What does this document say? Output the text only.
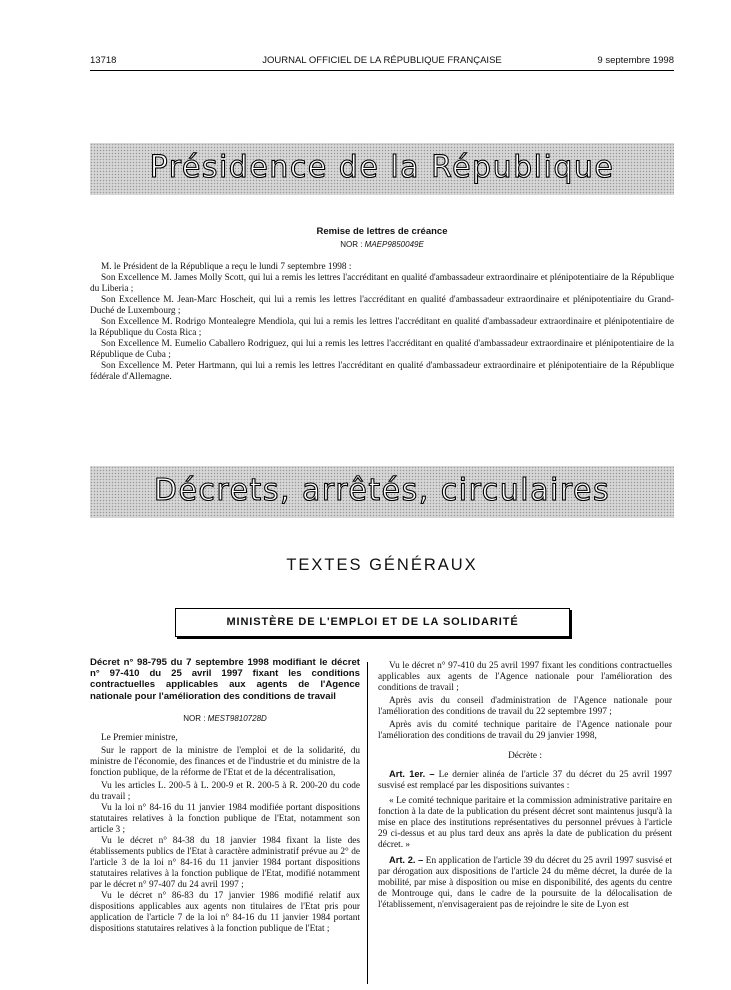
13718	JOURNAL OFFICIEL DE LA RÉPUBLIQUE FRANÇAISE	9 septembre 1998
Présidence de la République
Remise de lettres de créance
NOR : MAEP9850049E
M. le Président de la République a reçu le lundi 7 septembre 1998 :
Son Excellence M. James Molly Scott, qui lui a remis les lettres l'accréditant en qualité d'ambassadeur extraordinaire et plénipotentiaire de la République du Liberia ;
Son Excellence M. Jean-Marc Hoscheit, qui lui a remis les lettres l'accréditant en qualité d'ambassadeur extraordinaire et plénipotentiaire du Grand-Duché de Luxembourg ;
Son Excellence M. Rodrigo Montealegre Mendiola, qui lui a remis les lettres l'accréditant en qualité d'ambassadeur extraordinaire et plénipotentiaire de la République du Costa Rica ;
Son Excellence M. Eumelio Caballero Rodriguez, qui lui a remis les lettres l'accréditant en qualité d'ambassadeur extraordinaire et plénipotentiaire de la République de Cuba ;
Son Excellence M. Peter Hartmann, qui lui a remis les lettres l'accréditant en qualité d'ambassadeur extraordinaire et plénipotentiaire de la République fédérale d'Allemagne.
Décrets, arrêtés, circulaires
TEXTES GÉNÉRAUX
MINISTÈRE DE L'EMPLOI ET DE LA SOLIDARITÉ
Décret n° 98-795 du 7 septembre 1998 modifiant le décret n° 97-410 du 25 avril 1997 fixant les conditions contractuelles applicables aux agents de l'Agence nationale pour l'amélioration des conditions de travail
NOR : MEST9810728D
Le Premier ministre,
Sur le rapport de la ministre de l'emploi et de la solidarité, du ministre de l'économie, des finances et de l'industrie et du ministre de la fonction publique, de la réforme de l'Etat et de la décentralisation,
Vu les articles L. 200-5 à L. 200-9 et R. 200-5 à R. 200-20 du code du travail ;
Vu la loi n° 84-16 du 11 janvier 1984 modifiée portant dispositions statutaires relatives à la fonction publique de l'Etat, notamment son article 3 ;
Vu le décret n° 84-38 du 18 janvier 1984 fixant la liste des établissements publics de l'Etat à caractère administratif prévue au 2° de l'article 3 de la loi n° 84-16 du 11 janvier 1984 portant dispositions statutaires relatives à la fonction publique de l'Etat, modifié notamment par le décret n° 97-407 du 24 avril 1997 ;
Vu le décret n° 86-83 du 17 janvier 1986 modifié relatif aux dispositions applicables aux agents non titulaires de l'Etat pris pour application de l'article 7 de la loi n° 84-16 du 11 janvier 1984 portant dispositions statutaires relatives à la fonction publique de l'Etat ;
Vu le décret n° 97-410 du 25 avril 1997 fixant les conditions contractuelles applicables aux agents de l'Agence nationale pour l'amélioration des conditions de travail ;
Après avis du conseil d'administration de l'Agence nationale pour l'amélioration des conditions de travail du 22 septembre 1997 ;
Après avis du comité technique paritaire de l'Agence nationale pour l'amélioration des conditions de travail du 29 janvier 1998,
Décrète :
Art. 1er. – Le dernier alinéa de l'article 37 du décret du 25 avril 1997 susvisé est remplacé par les dispositions suivantes :
« Le comité technique paritaire et la commission administrative paritaire en fonction à la date de la publication du présent décret sont maintenus jusqu'à la mise en place des institutions représentatives du personnel prévues à l'article 29 ci-dessus et au plus tard deux ans après la date de publication du présent décret. »
Art. 2. – En application de l'article 39 du décret du 25 avril 1997 susvisé et par dérogation aux dispositions de l'article 24 du même décret, la durée de la mobilité, par mise à disposition ou mise en disponibilité, des agents du centre de Montrouge qui, dans le cadre de la poursuite de la délocalisation de l'établissement, n'envisageraient pas de rejoindre le site de Lyon est
